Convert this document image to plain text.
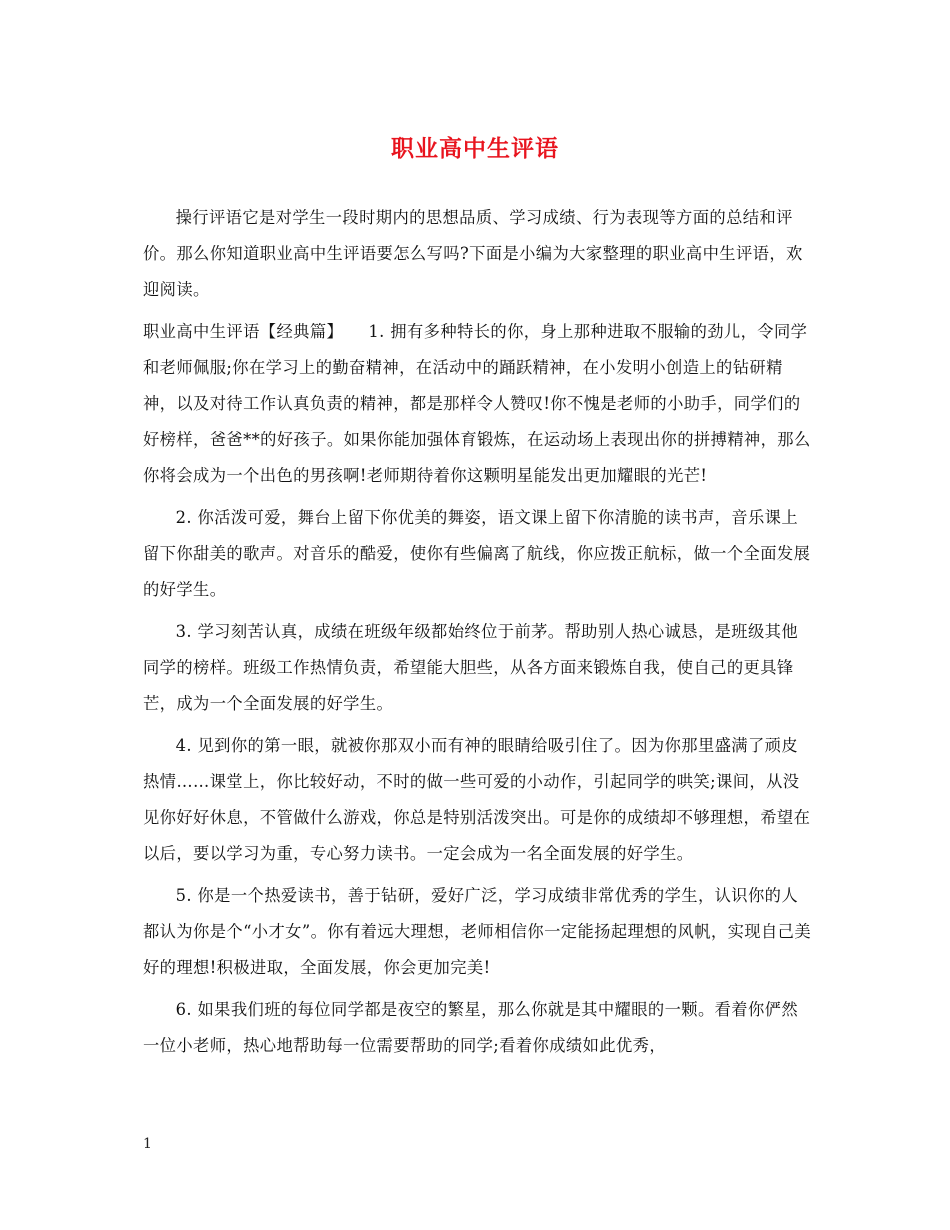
职业高中生评语

操行评语它是对学生一段时期内的思想品质、学习成绩、行为表现等方面的总结和评价。那么你知道职业高中生评语要怎么写吗?下面是小编为大家整理的职业高中生评语，欢迎阅读。

职业高中生评语【经典篇】　　1. 拥有多种特长的你，身上那种进取不服输的劲儿，令同学和老师佩服;你在学习上的勤奋精神，在活动中的踊跃精神，在小发明小创造上的钻研精神，以及对待工作认真负责的精神，都是那样令人赞叹!你不愧是老师的小助手，同学们的好榜样，爸爸**的好孩子。如果你能加强体育锻炼，在运动场上表现出你的拼搏精神，那么你将会成为一个出色的男孩啊!老师期待着你这颗明星能发出更加耀眼的光芒!

2. 你活泼可爱，舞台上留下你优美的舞姿，语文课上留下你清脆的读书声，音乐课上留下你甜美的歌声。对音乐的酷爱，使你有些偏离了航线，你应拨正航标，做一个全面发展的好学生。

3. 学习刻苦认真，成绩在班级年级都始终位于前茅。帮助别人热心诚恳，是班级其他同学的榜样。班级工作热情负责，希望能大胆些，从各方面来锻炼自我，使自己的更具锋芒，成为一个全面发展的好学生。

4. 见到你的第一眼，就被你那双小而有神的眼睛给吸引住了。因为你那里盛满了顽皮热情……课堂上，你比较好动，不时的做一些可爱的小动作，引起同学的哄笑;课间，从没见你好好休息，不管做什么游戏，你总是特别活泼突出。可是你的成绩却不够理想，希望在以后，要以学习为重，专心努力读书。一定会成为一名全面发展的好学生。

5. 你是一个热爱读书，善于钻研，爱好广泛，学习成绩非常优秀的学生，认识你的人都认为你是个“小才女”。你有着远大理想，老师相信你一定能扬起理想的风帆，实现自己美好的理想!积极进取，全面发展，你会更加完美!

6. 如果我们班的每位同学都是夜空的繁星，那么你就是其中耀眼的一颗。看着你俨然一位小老师，热心地帮助每一位需要帮助的同学;看着你成绩如此优秀，

1
